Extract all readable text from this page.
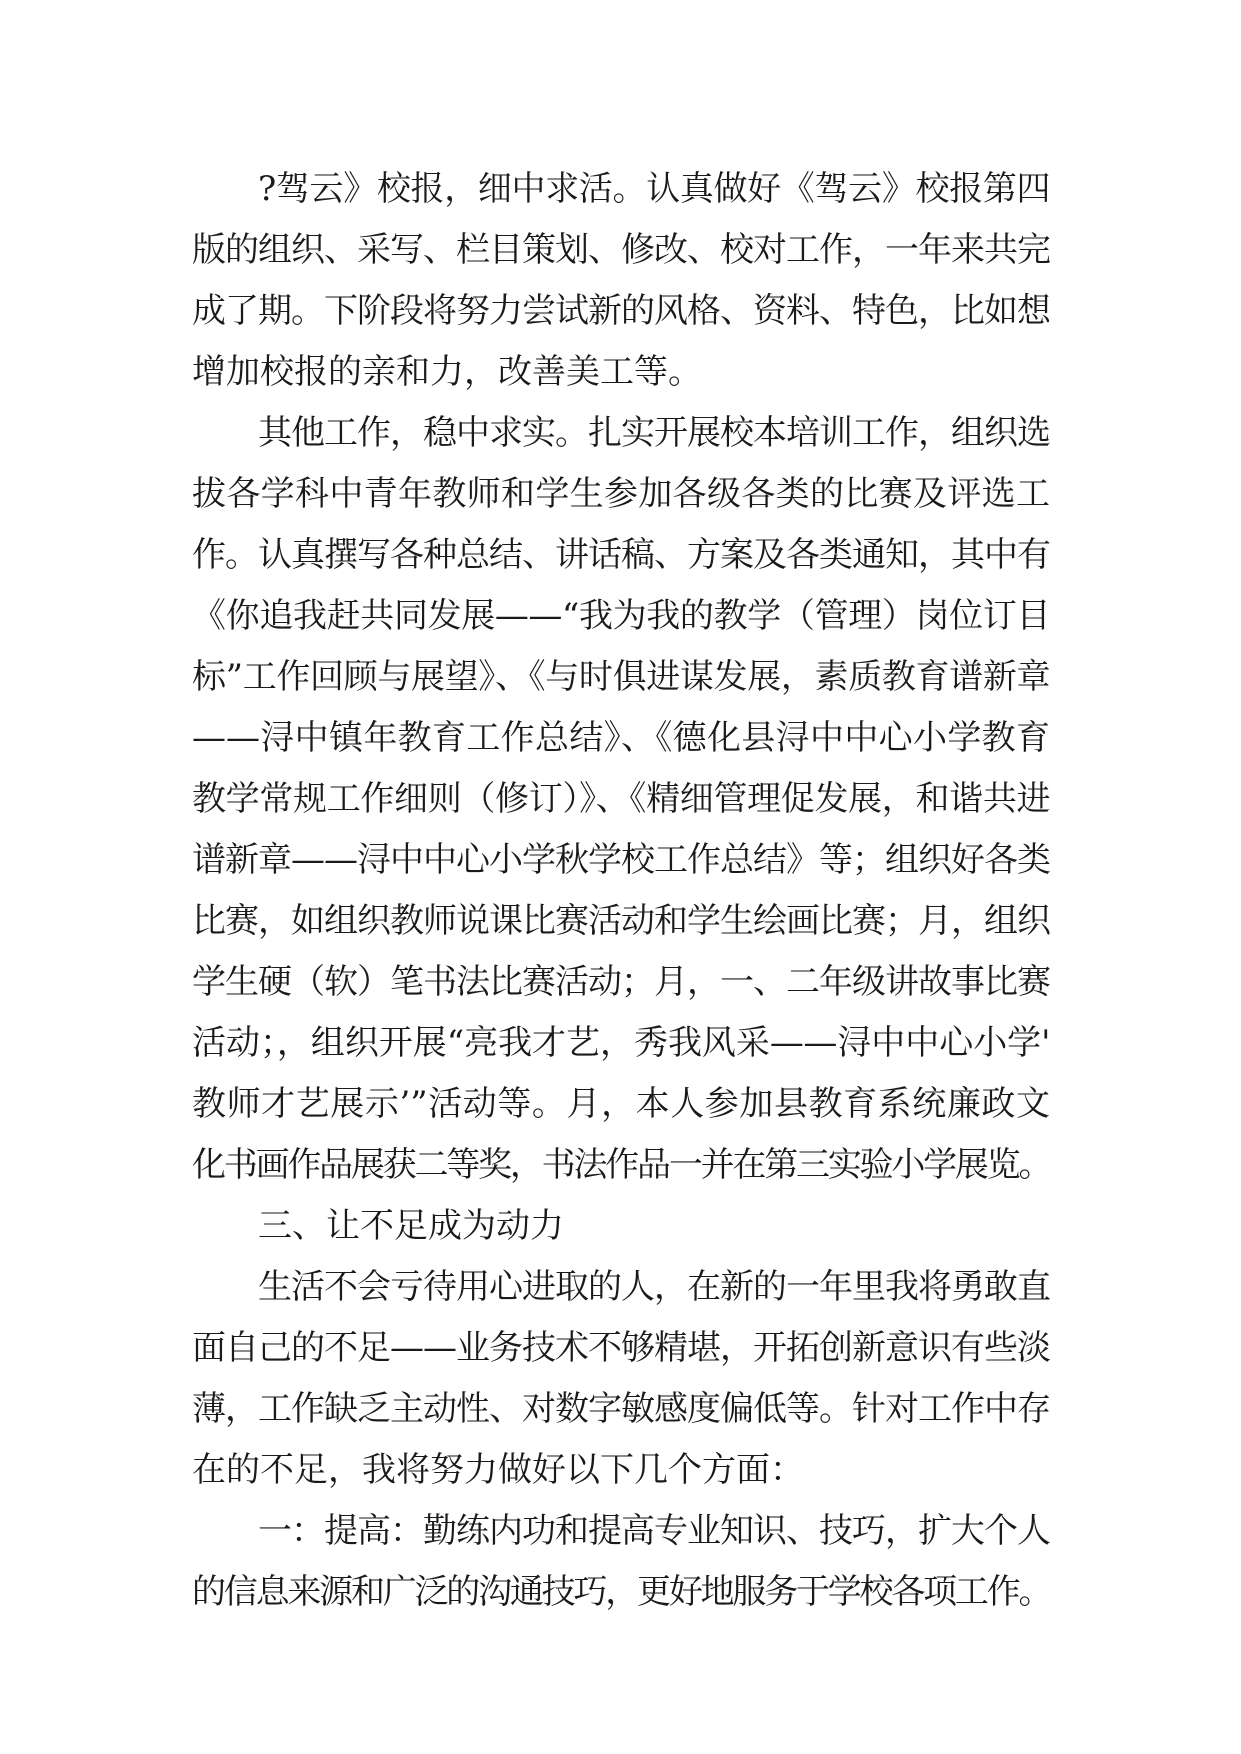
?驾云》校报，细中求活。认真做好《驾云》校报第四
版的组织、采写、栏目策划、修改、校对工作，一年来共完
成了期。下阶段将努力尝试新的风格、资料、特色，比如想
增加校报的亲和力，改善美工等。
其他工作，稳中求实。扎实开展校本培训工作，组织选
拔各学科中青年教师和学生参加各级各类的比赛及评选工
作。认真撰写各种总结、讲话稿、方案及各类通知，其中有
《你追我赶共同发展——“我为我的教学（管理）岗位订目
标”工作回顾与展望》、《与时俱进谋发展，素质教育谱新章
——浔中镇年教育工作总结》、《德化县浔中中心小学教育
教学常规工作细则（修订）》、《精细管理促发展，和谐共进
谱新章——浔中中心小学秋学校工作总结》等；组织好各类
比赛，如组织教师说课比赛活动和学生绘画比赛；月，组织
学生硬（软）笔书法比赛活动；月，一、二年级讲故事比赛
活动；，组织开展“亮我才艺，秀我风采——浔中中心小学'
教师才艺展示’”活动等。月，本人参加县教育系统廉政文
化书画作品展获二等奖，书法作品一并在第三实验小学展览。
三、让不足成为动力
生活不会亏待用心进取的人，在新的一年里我将勇敢直
面自己的不足——业务技术不够精堪，开拓创新意识有些淡
薄，工作缺乏主动性、对数字敏感度偏低等。针对工作中存
在的不足，我将努力做好以下几个方面：
一：提高：勤练内功和提高专业知识、技巧，扩大个人
的信息来源和广泛的沟通技巧，更好地服务于学校各项工作。
